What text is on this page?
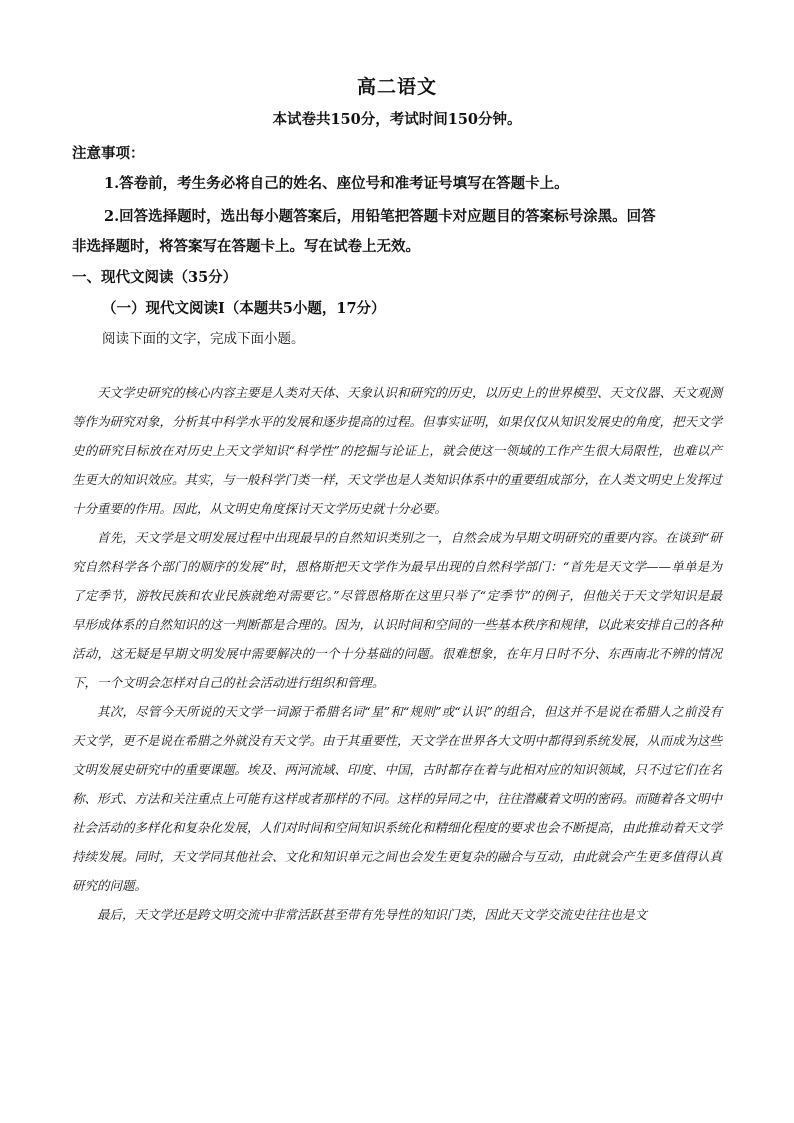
高二语文
本试卷共150分，考试时间150分钟。
注意事项：
1.答卷前，考生务必将自己的姓名、座位号和准考证号填写在答题卡上。
2.回答选择题时，选出每小题答案后，用铅笔把答题卡对应题目的答案标号涂黑。回答
非选择题时，将答案写在答题卡上。写在试卷上无效。
一、现代文阅读（35分）
（一）现代文阅读Ⅰ（本题共5小题，17分）
阅读下面的文字，完成下面小题。

天文学史研究的核心内容主要是人类对天体、天象认识和研究的历史，以历史上的世界模型、天文仪器、天文观测等作为研究对象，分析其中科学水平的发展和逐步提高的过程。但事实证明，如果仅仅从知识发展史的角度，把天文学史的研究目标放在对历史上天文学知识“科学性”的挖掘与论证上，就会使这一领域的工作产生很大局限性，也难以产生更大的知识效应。其实，与一般科学门类一样，天文学也是人类知识体系中的重要组成部分，在人类文明史上发挥过十分重要的作用。因此，从文明史角度探讨天文学历史就十分必要。

首先，天文学是文明发展过程中出现最早的自然知识类别之一，自然会成为早期文明研究的重要内容。在谈到“研究自然科学各个部门的顺序的发展”时，恩格斯把天文学作为最早出现的自然科学部门：“首先是天文学——单单是为了定季节，游牧民族和农业民族就绝对需要它。”尽管恩格斯在这里只举了“定季节”的例子，但他关于天文学知识是最早形成体系的自然知识的这一判断都是合理的。因为，认识时间和空间的一些基本秩序和规律，以此来安排自己的各种活动，这无疑是早期文明发展中需要解决的一个十分基础的问题。很难想象，在年月日时不分、东西南北不辨的情况下，一个文明会怎样对自己的社会活动进行组织和管理。

其次，尽管今天所说的天文学一词源于希腊名词“星”和“规则”或“认识”的组合，但这并不是说在希腊人之前没有天文学，更不是说在希腊之外就没有天文学。由于其重要性，天文学在世界各大文明中都得到系统发展，从而成为这些文明发展史研究中的重要课题。埃及、两河流域、印度、中国，古时都存在着与此相对应的知识领域，只不过它们在名称、形式、方法和关注重点上可能有这样或者那样的不同。这样的异同之中，往往潜藏着文明的密码。而随着各文明中社会活动的多样化和复杂化发展，人们对时间和空间知识系统化和精细化程度的要求也会不断提高，由此推动着天文学持续发展。同时，天文学同其他社会、文化和知识单元之间也会发生更复杂的融合与互动，由此就会产生更多值得认真研究的问题。

最后，天文学还是跨文明交流中非常活跃甚至带有先导性的知识门类，因此天文学交流史往往也是文
